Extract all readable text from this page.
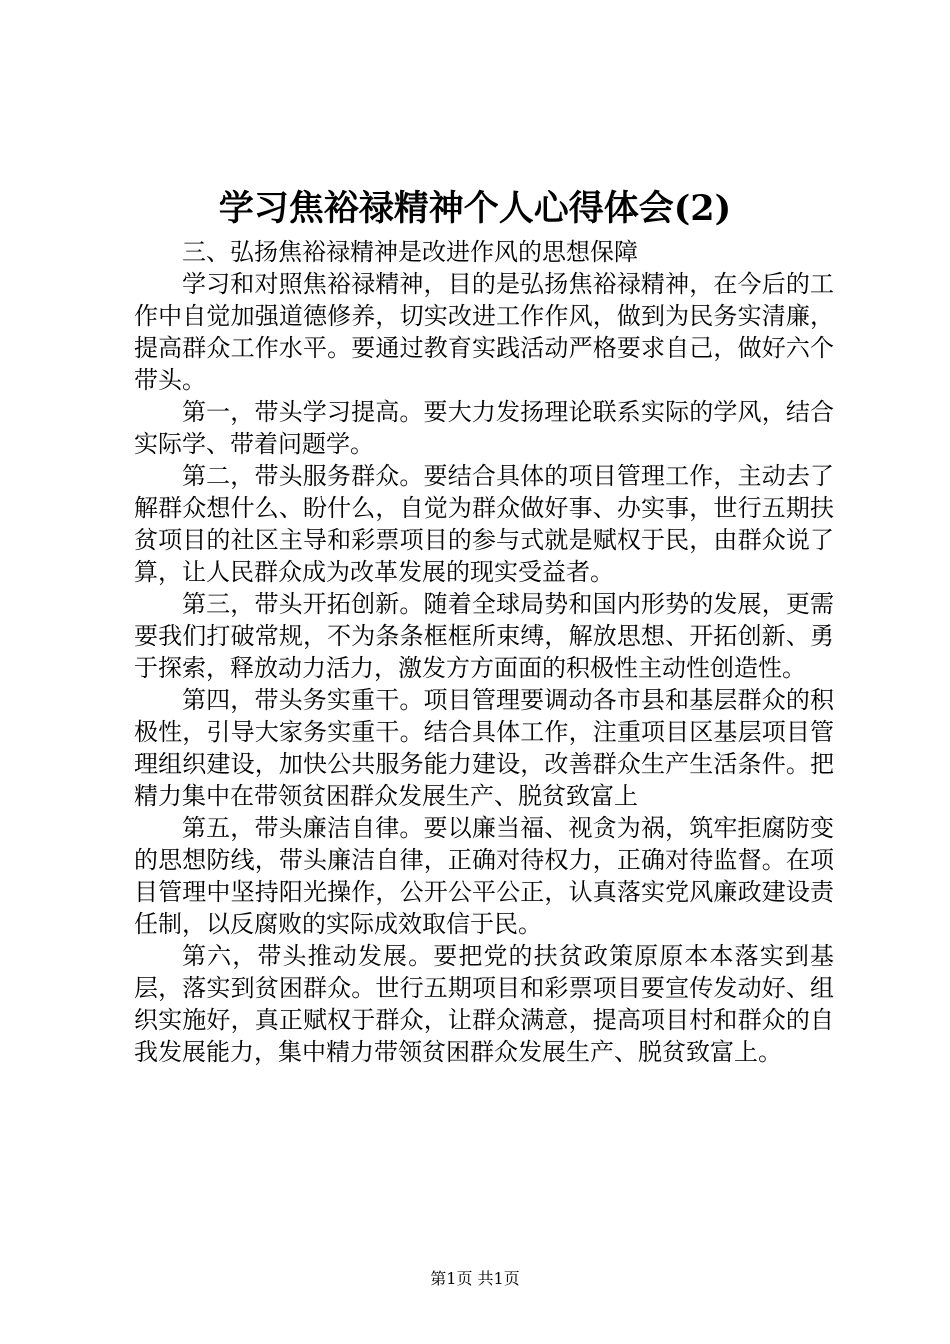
学习焦裕禄精神个人心得体会(2)

三、弘扬焦裕禄精神是改进作风的思想保障

学习和对照焦裕禄精神，目的是弘扬焦裕禄精神，在今后的工作中自觉加强道德修养，切实改进工作作风，做到为民务实清廉，提高群众工作水平。要通过教育实践活动严格要求自己，做好六个带头。

第一，带头学习提高。要大力发扬理论联系实际的学风，结合实际学、带着问题学。

第二，带头服务群众。要结合具体的项目管理工作，主动去了解群众想什么、盼什么，自觉为群众做好事、办实事，世行五期扶贫项目的社区主导和彩票项目的参与式就是赋权于民，由群众说了算，让人民群众成为改革发展的现实受益者。

第三，带头开拓创新。随着全球局势和国内形势的发展，更需要我们打破常规，不为条条框框所束缚，解放思想、开拓创新、勇于探索，释放动力活力，激发方方面面的积极性主动性创造性。

第四，带头务实重干。项目管理要调动各市县和基层群众的积极性，引导大家务实重干。结合具体工作，注重项目区基层项目管理组织建设，加快公共服务能力建设，改善群众生产生活条件。把精力集中在带领贫困群众发展生产、脱贫致富上

第五，带头廉洁自律。要以廉当福、视贪为祸，筑牢拒腐防变的思想防线，带头廉洁自律，正确对待权力，正确对待监督。在项目管理中坚持阳光操作，公开公平公正，认真落实党风廉政建设责任制，以反腐败的实际成效取信于民。

第六，带头推动发展。要把党的扶贫政策原原本本落实到基层，落实到贫困群众。世行五期项目和彩票项目要宣传发动好、组织实施好，真正赋权于群众，让群众满意，提高项目村和群众的自我发展能力，集中精力带领贫困群众发展生产、脱贫致富上。

第1页 共1页
